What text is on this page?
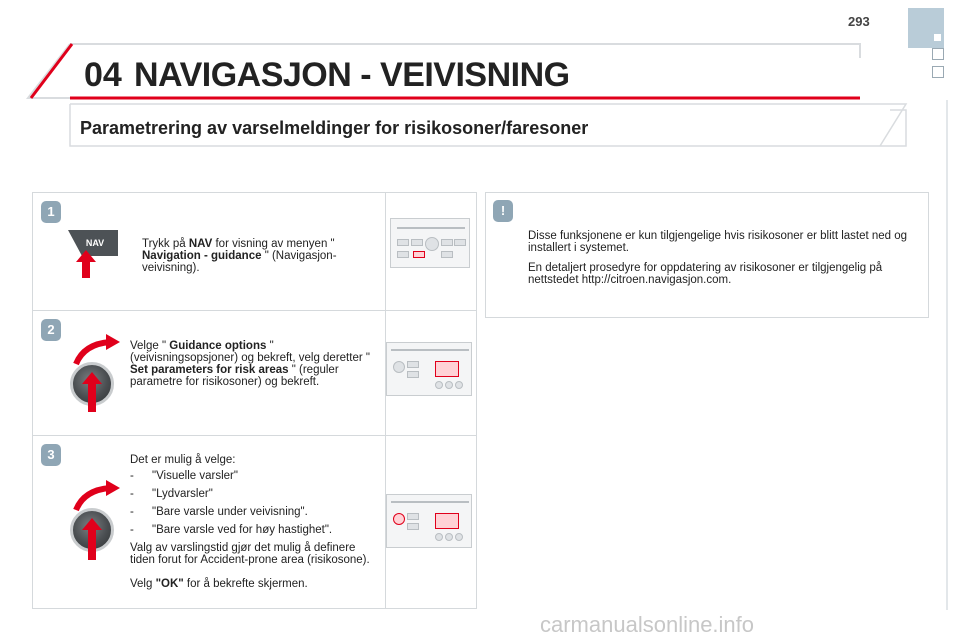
293
04 NAVIGASJON - VEIVISNING
Parametrering av varselmeldinger for risikosoner/faresoner
1
NAV	Trykk på NAV for visning av menyen " Navigation - guidance " (Navigasjon-veivisning).
2
Velge " Guidance options " (veivisningsopsjoner) og bekreft, velg deretter " Set parameters for risk areas " (reguler parametre for risikosoner) og bekreft.
3	Det er mulig å velge:
- "Visuelle varsler"
- "Lydvarsler"
- "Bare varsle under veivisning".
- "Bare varsle ved for høy hastighet".
Valg av varslingstid gjør det mulig å definere tiden forut for Accident-prone area (risikosone).
Velg "OK" for å bekrefte skjermen.
!
Disse funksjonene er kun tilgjengelige hvis risikosoner er blitt lastet ned og installert i systemet.
En detaljert prosedyre for oppdatering av risikosoner er tilgjengelig på nettstedet http://citroen.navigasjon.com.
carmanualsonline.info
